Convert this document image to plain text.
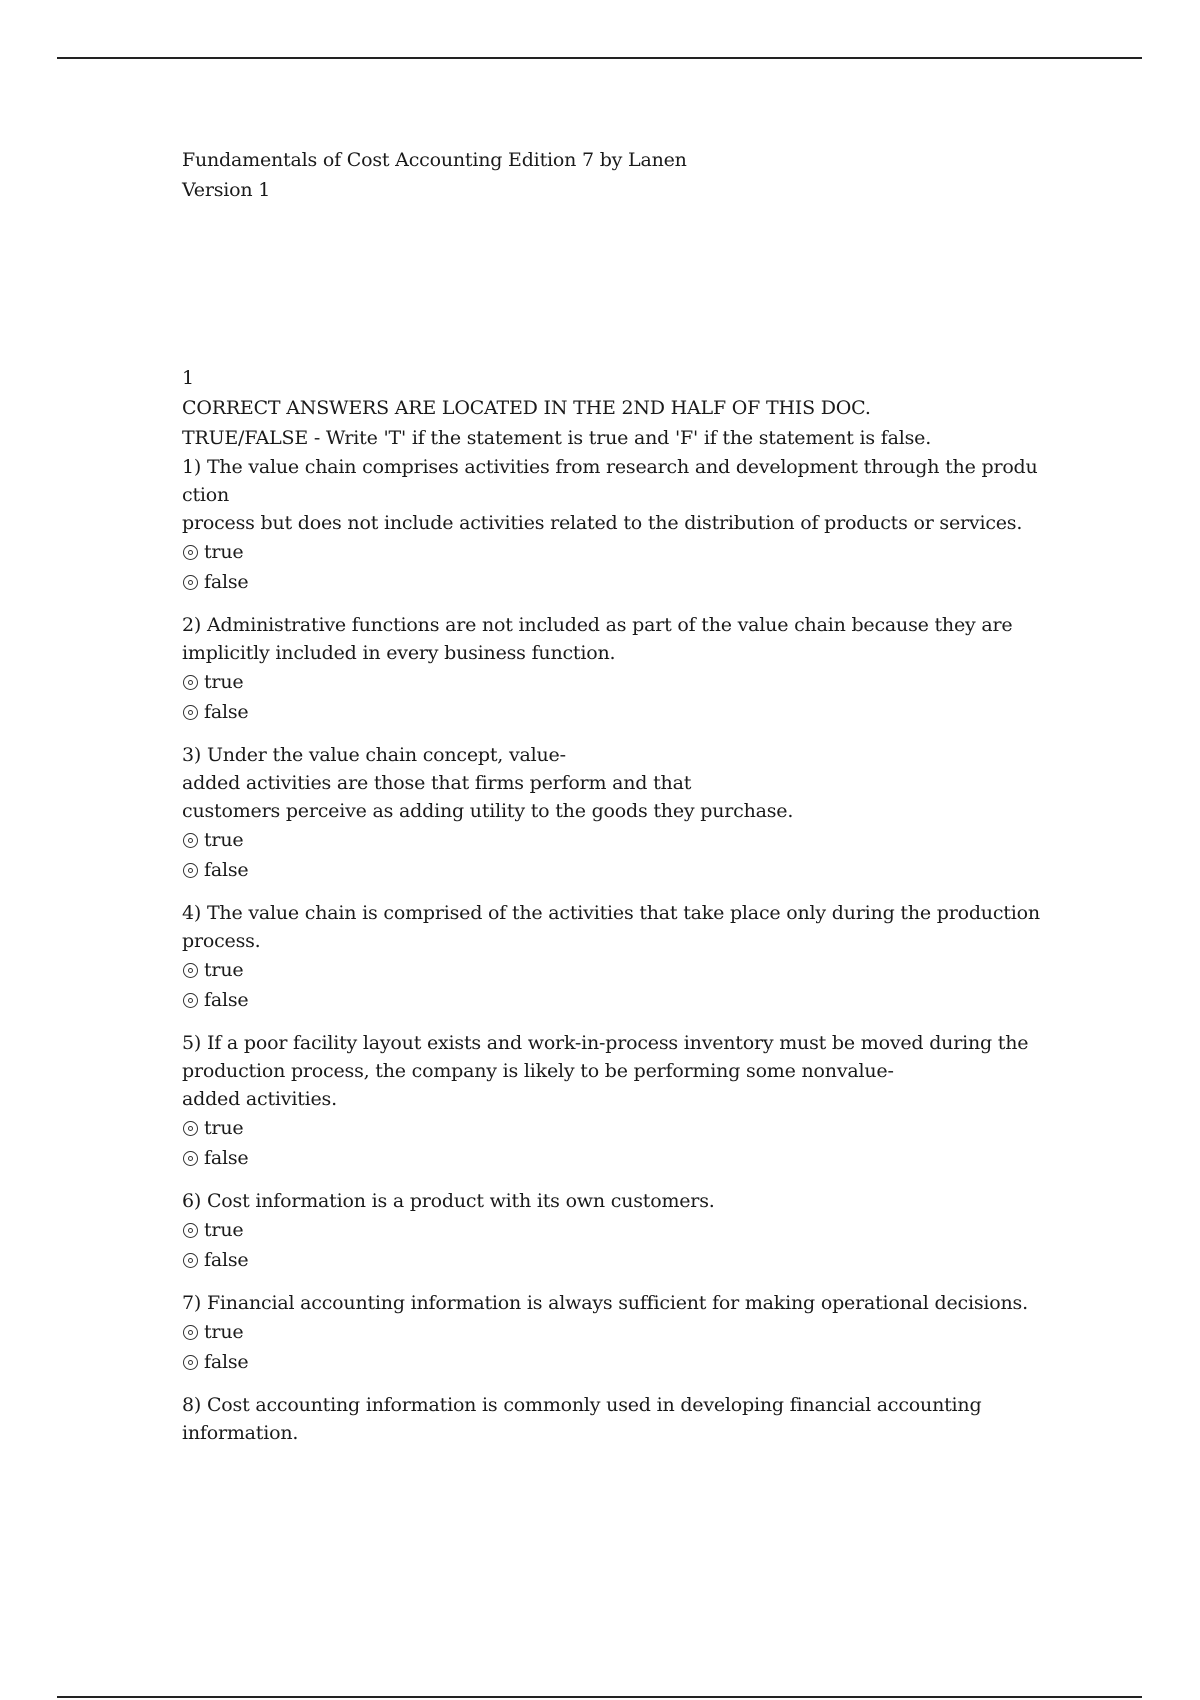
Fundamentals of Cost Accounting Edition 7 by Lanen
Version 1
1
CORRECT ANSWERS ARE LOCATED IN THE 2ND HALF OF THIS DOC.
TRUE/FALSE - Write 'T' if the statement is true and 'F' if the statement is false.
1) The value chain comprises activities from research and development through the produ
ction
process but does not include activities related to the distribution of products or services.
true
false
2) Administrative functions are not included as part of the value chain because they are
implicitly included in every business function.
true
false
3) Under the value chain concept, value-
added activities are those that firms perform and that
customers perceive as adding utility to the goods they purchase.
true
false
4) The value chain is comprised of the activities that take place only during the production
process.
true
false
5) If a poor facility layout exists and work-in-process inventory must be moved during the
production process, the company is likely to be performing some nonvalue-
added activities.
true
false
6) Cost information is a product with its own customers.
true
false
7) Financial accounting information is always sufficient for making operational decisions.
true
false
8) Cost accounting information is commonly used in developing financial accounting
information.
